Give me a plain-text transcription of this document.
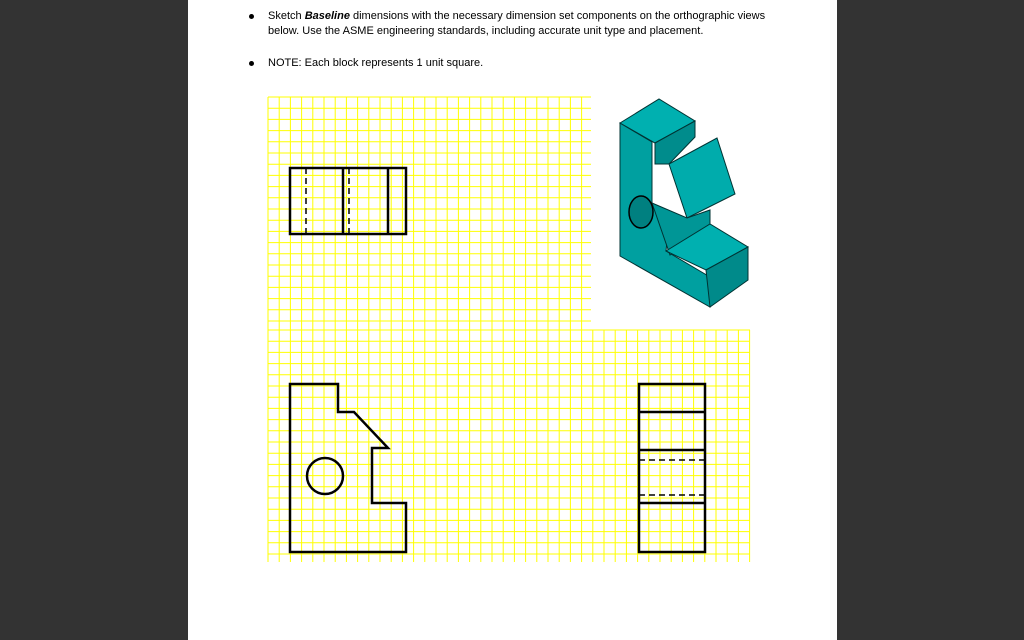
Sketch Baseline dimensions with the necessary dimension set components on the orthographic views below. Use the ASME engineering standards, including accurate unit type and placement.
NOTE: Each block represents 1 unit square.
